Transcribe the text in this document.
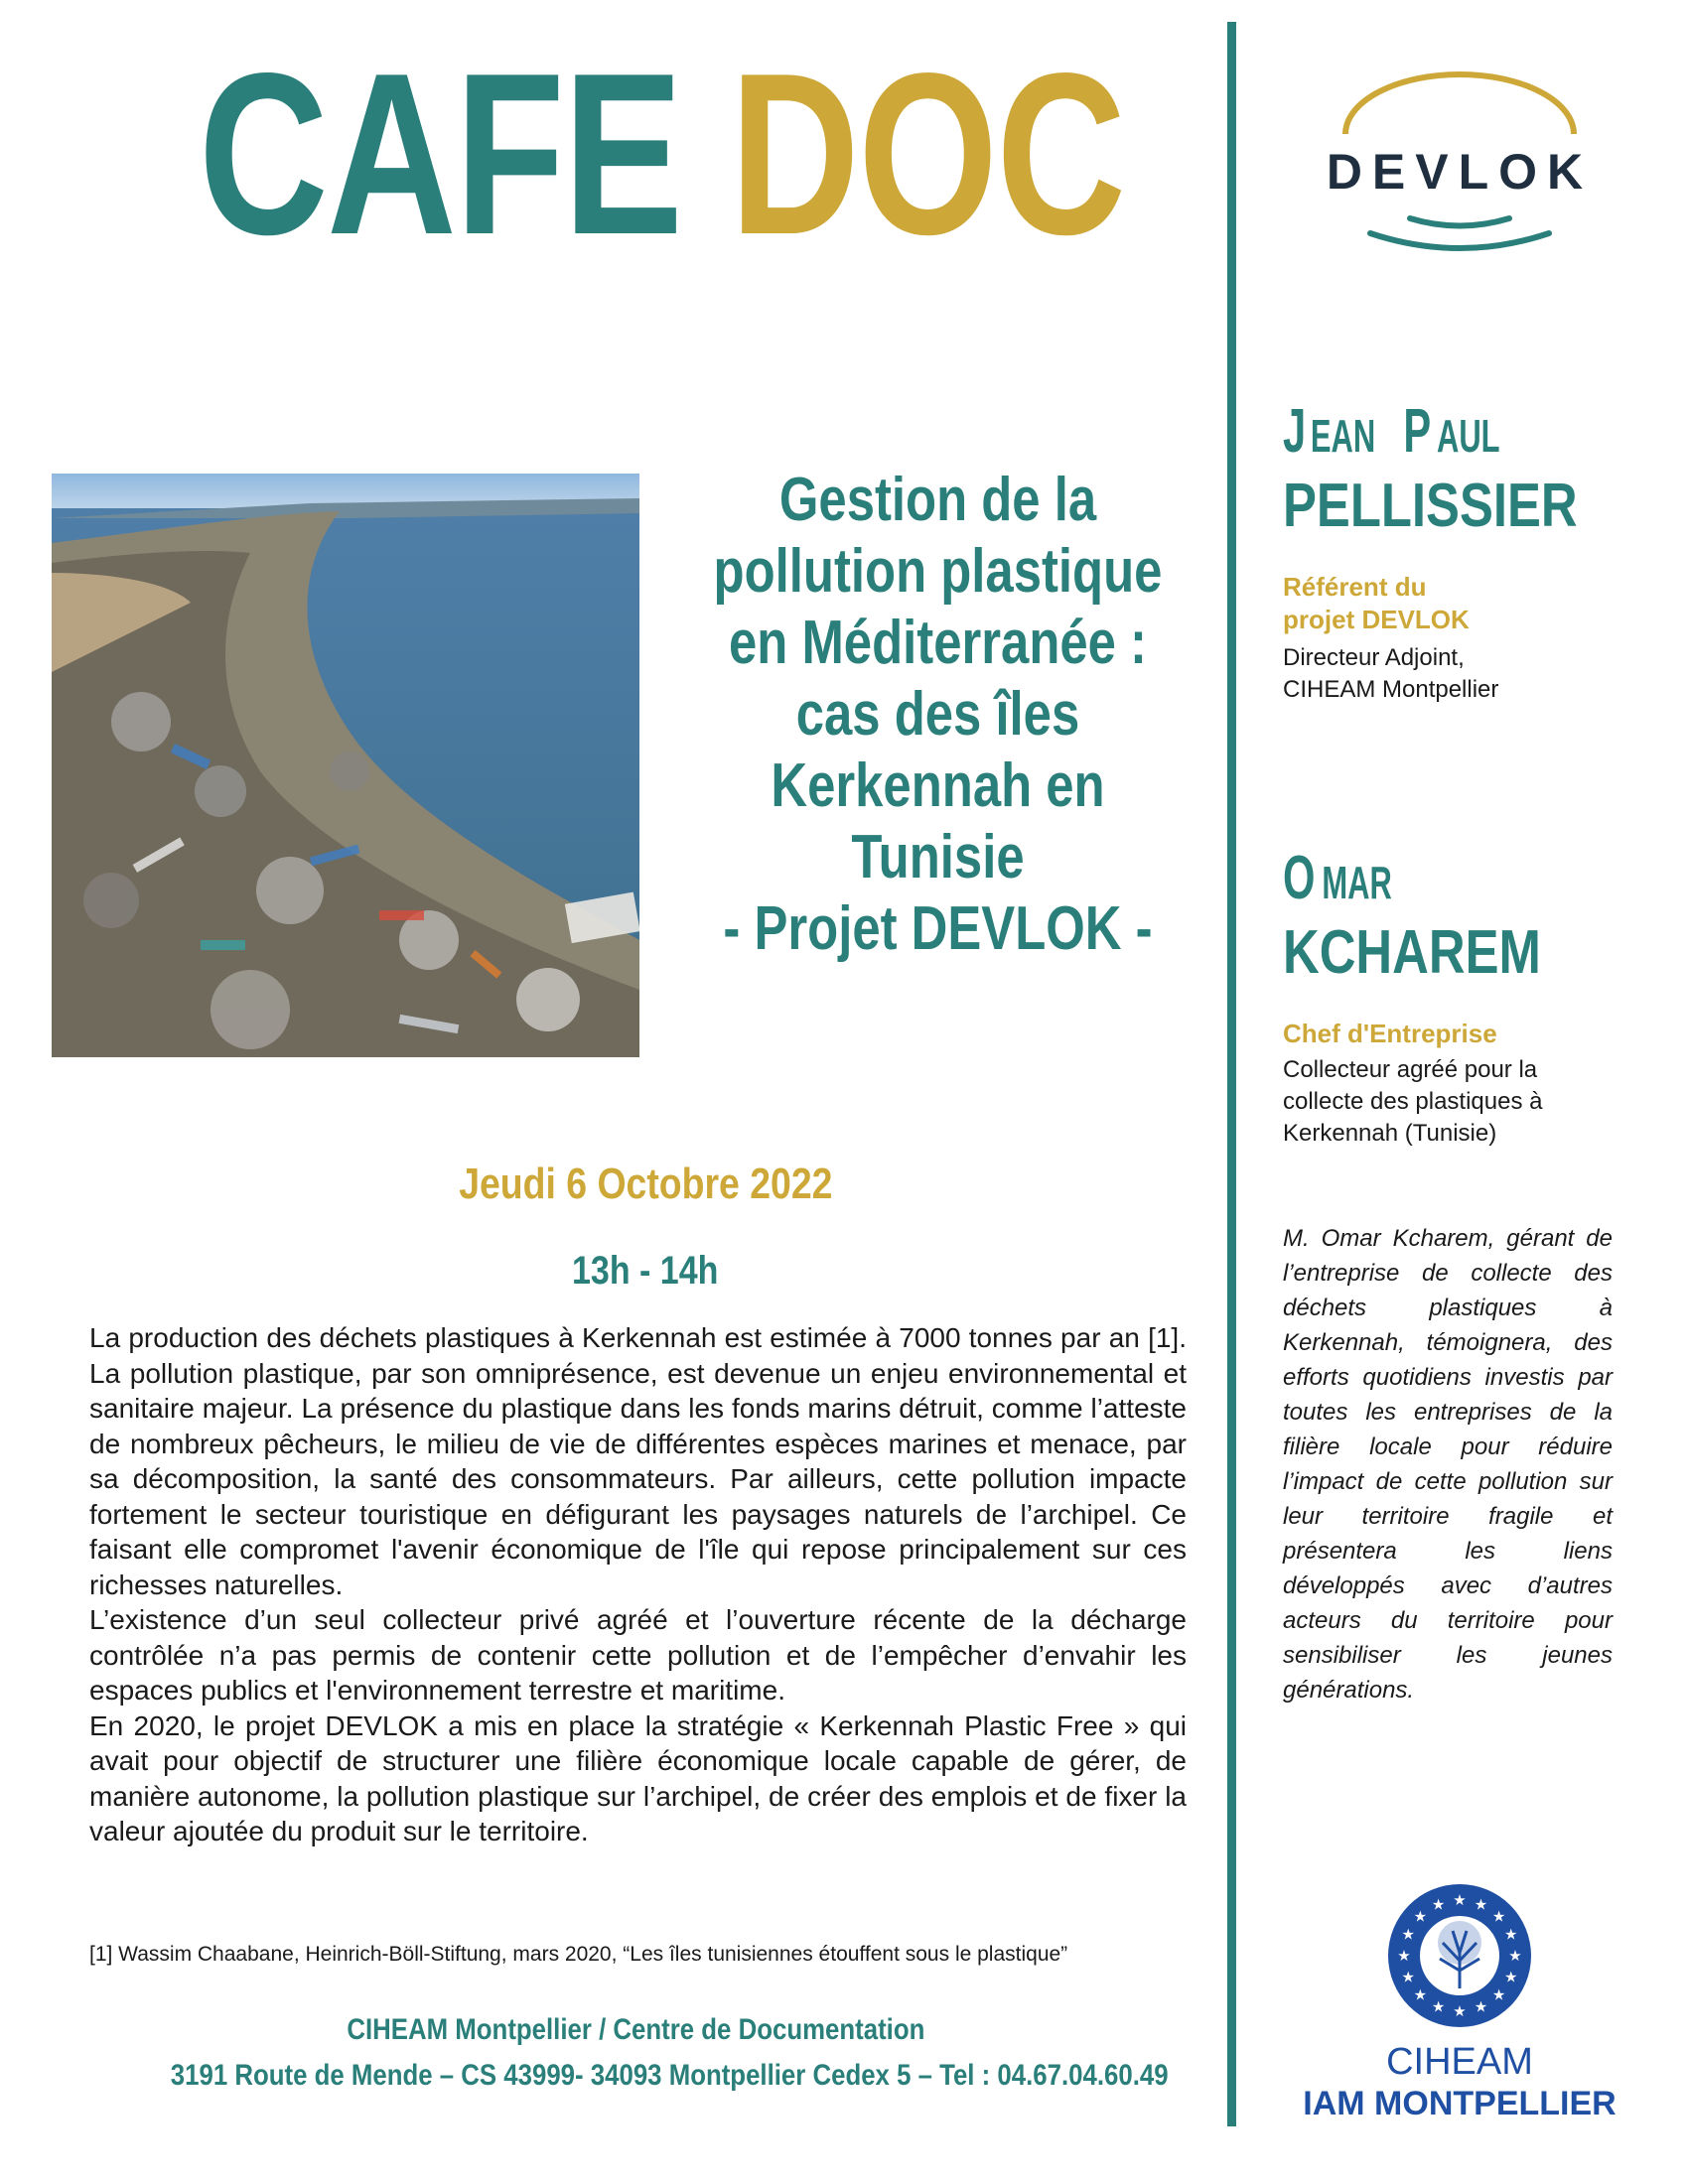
CAFE DOC
Gestion de la
pollution plastique
en Méditerranée :
cas des îles
Kerkennah en
Tunisie
- Projet DEVLOK -
Jeudi 6 Octobre 2022
13h - 14h

La production des déchets plastiques à Kerkennah est estimée à 7000 tonnes par an [1]. La pollution plastique, par son omniprésence, est devenue un enjeu environnemental et sanitaire majeur. La présence du plastique dans les fonds marins détruit, comme l’atteste de nombreux pêcheurs, le milieu de vie de différentes espèces marines et menace, par sa décomposition, la santé des consommateurs. Par ailleurs, cette pollution impacte fortement le secteur touristique en défigurant les paysages naturels de l’archipel. Ce faisant elle compromet l'avenir économique de l'île qui repose principalement sur ces richesses naturelles.

L’existence d’un seul collecteur privé agréé et l’ouverture récente de la décharge contrôlée n’a pas permis de contenir cette pollution et de l’empêcher d’envahir les espaces publics et l'environnement terrestre et maritime.

En 2020, le projet DEVLOK a mis en place la stratégie « Kerkennah Plastic Free » qui avait pour objectif de structurer une filière économique locale capable de gérer, de manière autonome, la pollution plastique sur l’archipel, de créer des emplois et de fixer la valeur ajoutée du produit sur le territoire.

[1] Wassim Chaabane, Heinrich-Böll-Stiftung, mars 2020, “Les îles tunisiennes étouffent sous le plastique”
CIHEAM Montpellier / Centre de Documentation
3191 Route de Mende – CS 43999- 34093 Montpellier Cedex 5 – Tel : 04.67.04.60.49
DEVLOK
J EAN P AUL
PELLISSIER
Référent du projet DEVLOK
Directeur Adjoint,
CIHEAM Montpellier
O MAR
KCHAREM
Chef d'Entreprise
Collecteur agréé pour la
collecte des plastiques à
Kerkennah (Tunisie)
M. Omar Kcharem, gérant de l’entreprise de collecte des déchets plastiques à Kerkennah, témoignera, des efforts quotidiens investis par toutes les entreprises de la filière locale pour réduire l’impact de cette pollution sur leur territoire fragile et présentera les liens développés avec d’autres acteurs du territoire pour sensibiliser les jeunes générations.
★
★
★
★
★
★
★
★
★
★
★
★ ★ ★
★
★
CIHEAM
IAM MONTPELLIER
